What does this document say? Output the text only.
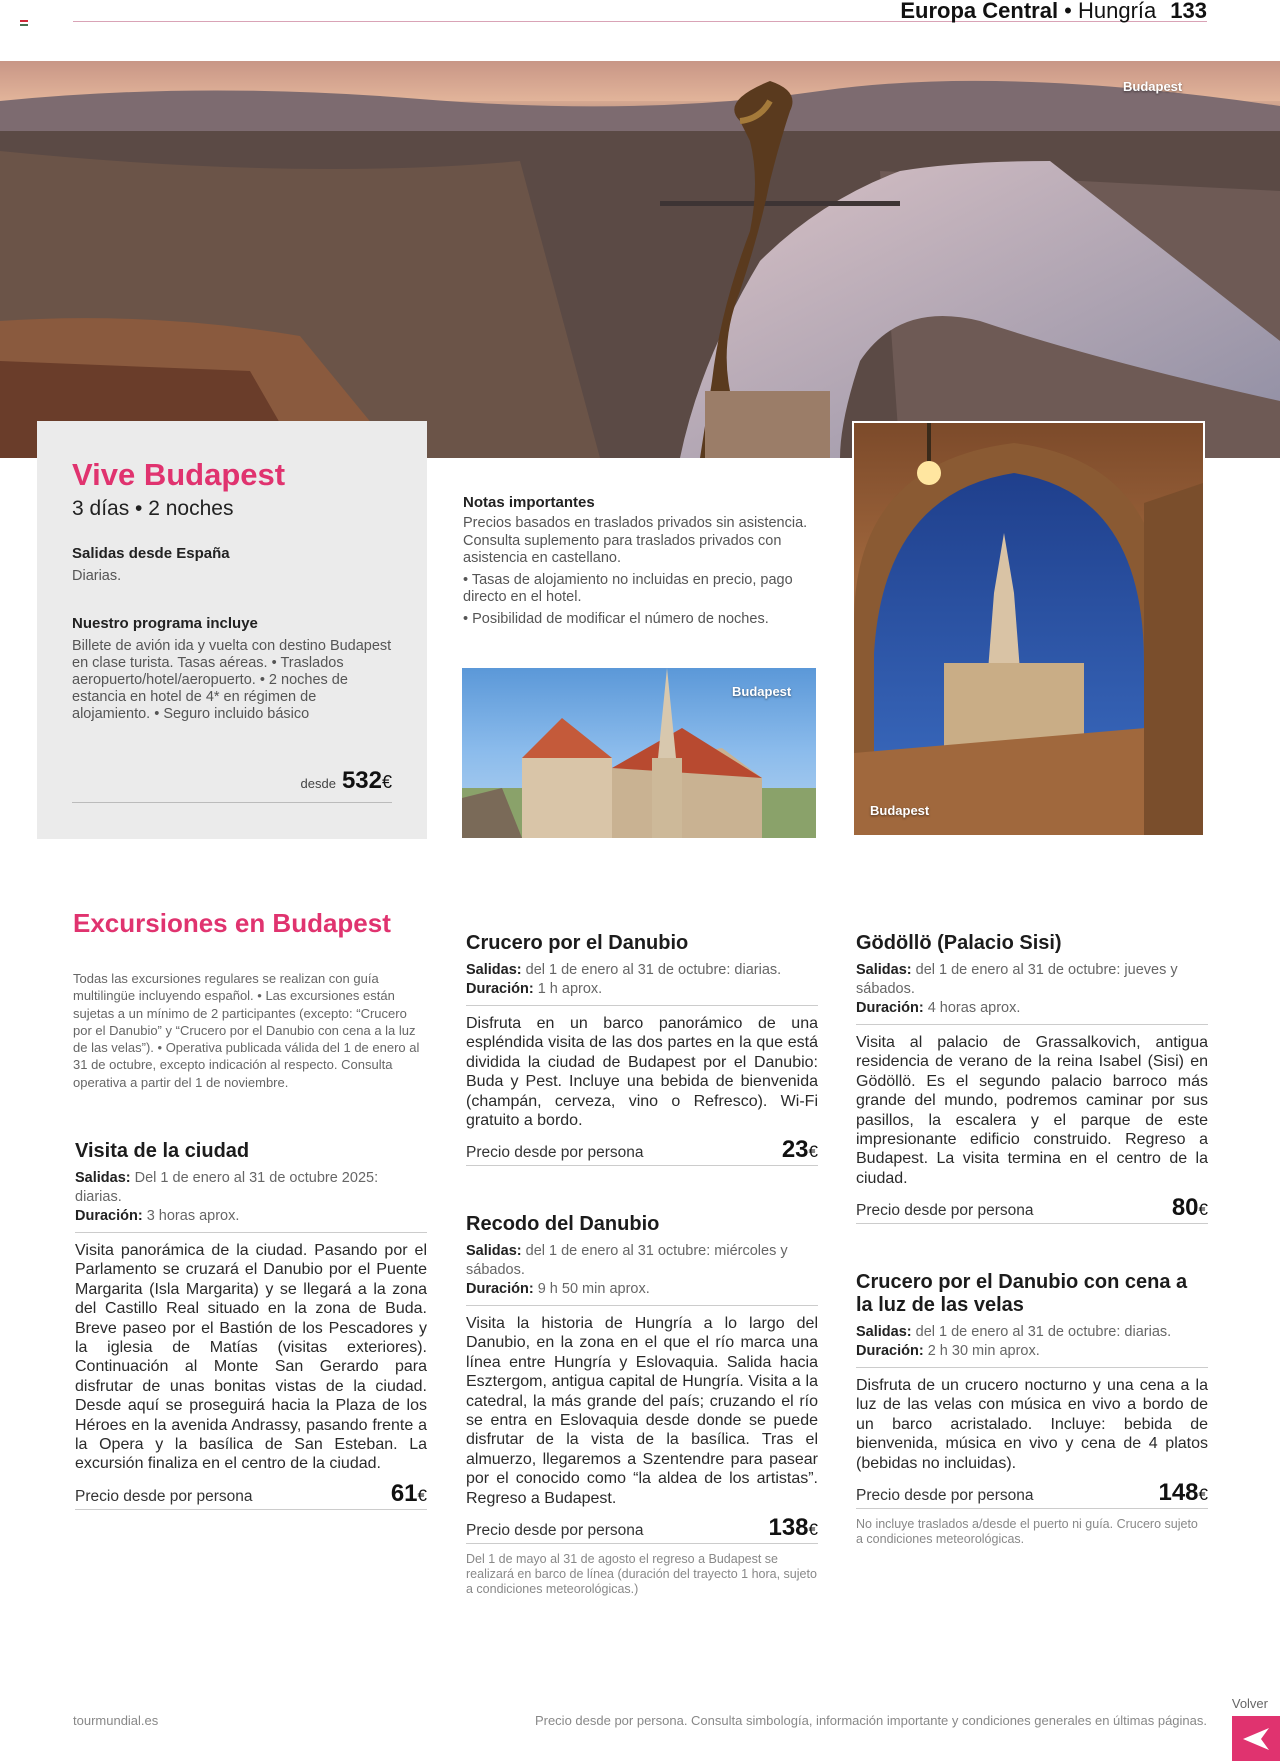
Europa Central • Hungría 133
Budapest
Vive Budapest
3 días • 2 noches
Salidas desde España

Diarias.

Nuestro programa incluye

Billete de avión ida y vuelta con destino Budapest en clase turista. Tasas aéreas. • Traslados aeropuerto/hotel/aeropuerto. • 2 noches de estancia en hotel de 4* en régimen de alojamiento. • Seguro incluido básico

desde 532€
Notas importantes

Precios basados en traslados privados sin asistencia. Consulta suplemento para traslados privados con asistencia en castellano.

• Tasas de alojamiento no incluidas en precio, pago directo en el hotel.

• Posibilidad de modificar el número de noches.

Budapest
Budapest
Excursiones en Budapest
Todas las excursiones regulares se realizan con guía multilingüe incluyendo español. • Las excursiones están sujetas a un mínimo de 2 participantes (excepto: “Crucero por el Danubio” y “Crucero por el Danubio con cena a la luz de las velas”). • Operativa publicada válida del 1 de enero al 31 de octubre, excepto indicación al respecto. Consulta operativa a partir del 1 de noviembre.
Visita de la ciudad
Salidas: Del 1 de enero al 31 de octubre 2025: diarias.
Duración: 3 horas aprox.
Visita panorámica de la ciudad. Pasando por el Parlamento se cruzará el Danubio por el Puente Margarita (Isla Margarita) y se llegará a la zona del Castillo Real situado en la zona de Buda. Breve paseo por el Bastión de los Pescadores y la iglesia de Matías (visitas exteriores). Continuación al Monte San Gerardo para disfrutar de unas bonitas vistas de la ciudad. Desde aquí se proseguirá hacia la Plaza de los Héroes en la avenida Andrassy, pasando frente a la Opera y la basílica de San Esteban. La excursión finaliza en el centro de la ciudad.
Precio desde por persona	61€
Crucero por el Danubio
Salidas: del 1 de enero al 31 de octubre: diarias.
Duración: 1 h aprox.
Disfruta en un barco panorámico de una espléndida visita de las dos partes en la que está dividida la ciudad de Budapest por el Danubio: Buda y Pest. Incluye una bebida de bienvenida (champán, cerveza, vino o Refresco). Wi-Fi gratuito a bordo.
Precio desde por persona	23€
Recodo del Danubio
Salidas: del 1 de enero al 31 octubre: miércoles y sábados.
Duración: 9 h 50 min aprox.
Visita la historia de Hungría a lo largo del Danubio, en la zona en el que el río marca una línea entre Hungría y Eslovaquia. Salida hacia Esztergom, antigua capital de Hungría. Visita a la catedral, la más grande del país; cruzando el río se entra en Eslovaquia desde donde se puede disfrutar de la vista de la basílica. Tras el almuerzo, llegaremos a Szentendre para pasear por el conocido como “la aldea de los artistas”. Regreso a Budapest.
Precio desde por persona	138€
Del 1 de mayo al 31 de agosto el regreso a Budapest se realizará en barco de línea (duración del trayecto 1 hora, sujeto a condiciones meteorológicas.)
Gödöllö (Palacio Sisi)
Salidas: del 1 de enero al 31 de octubre: jueves y sábados.
Duración: 4 horas aprox.
Visita al palacio de Grassalkovich, antigua residencia de verano de la reina Isabel (Sisi) en Gödöllö. Es el segundo palacio barroco más grande del mundo, podremos caminar por sus pasillos, la escalera y el parque de este impresionante edificio construido. Regreso a Budapest. La visita termina en el centro de la ciudad.
Precio desde por persona	80€
Crucero por el Danubio con cena a la luz de las velas
Salidas: del 1 de enero al 31 de octubre: diarias.
Duración: 2 h 30 min aprox.
Disfruta de un crucero nocturno y una cena a la luz de las velas con música en vivo a bordo de un barco acristalado. Incluye: bebida de bienvenida, música en vivo y cena de 4 platos (bebidas no incluidas).
Precio desde por persona	148€
No incluye traslados a/desde el puerto ni guía. Crucero sujeto a condiciones meteorológicas.
tourmundial.es	Precio desde por persona. Consulta simbología, información importante y condiciones generales en últimas páginas.
Volver
